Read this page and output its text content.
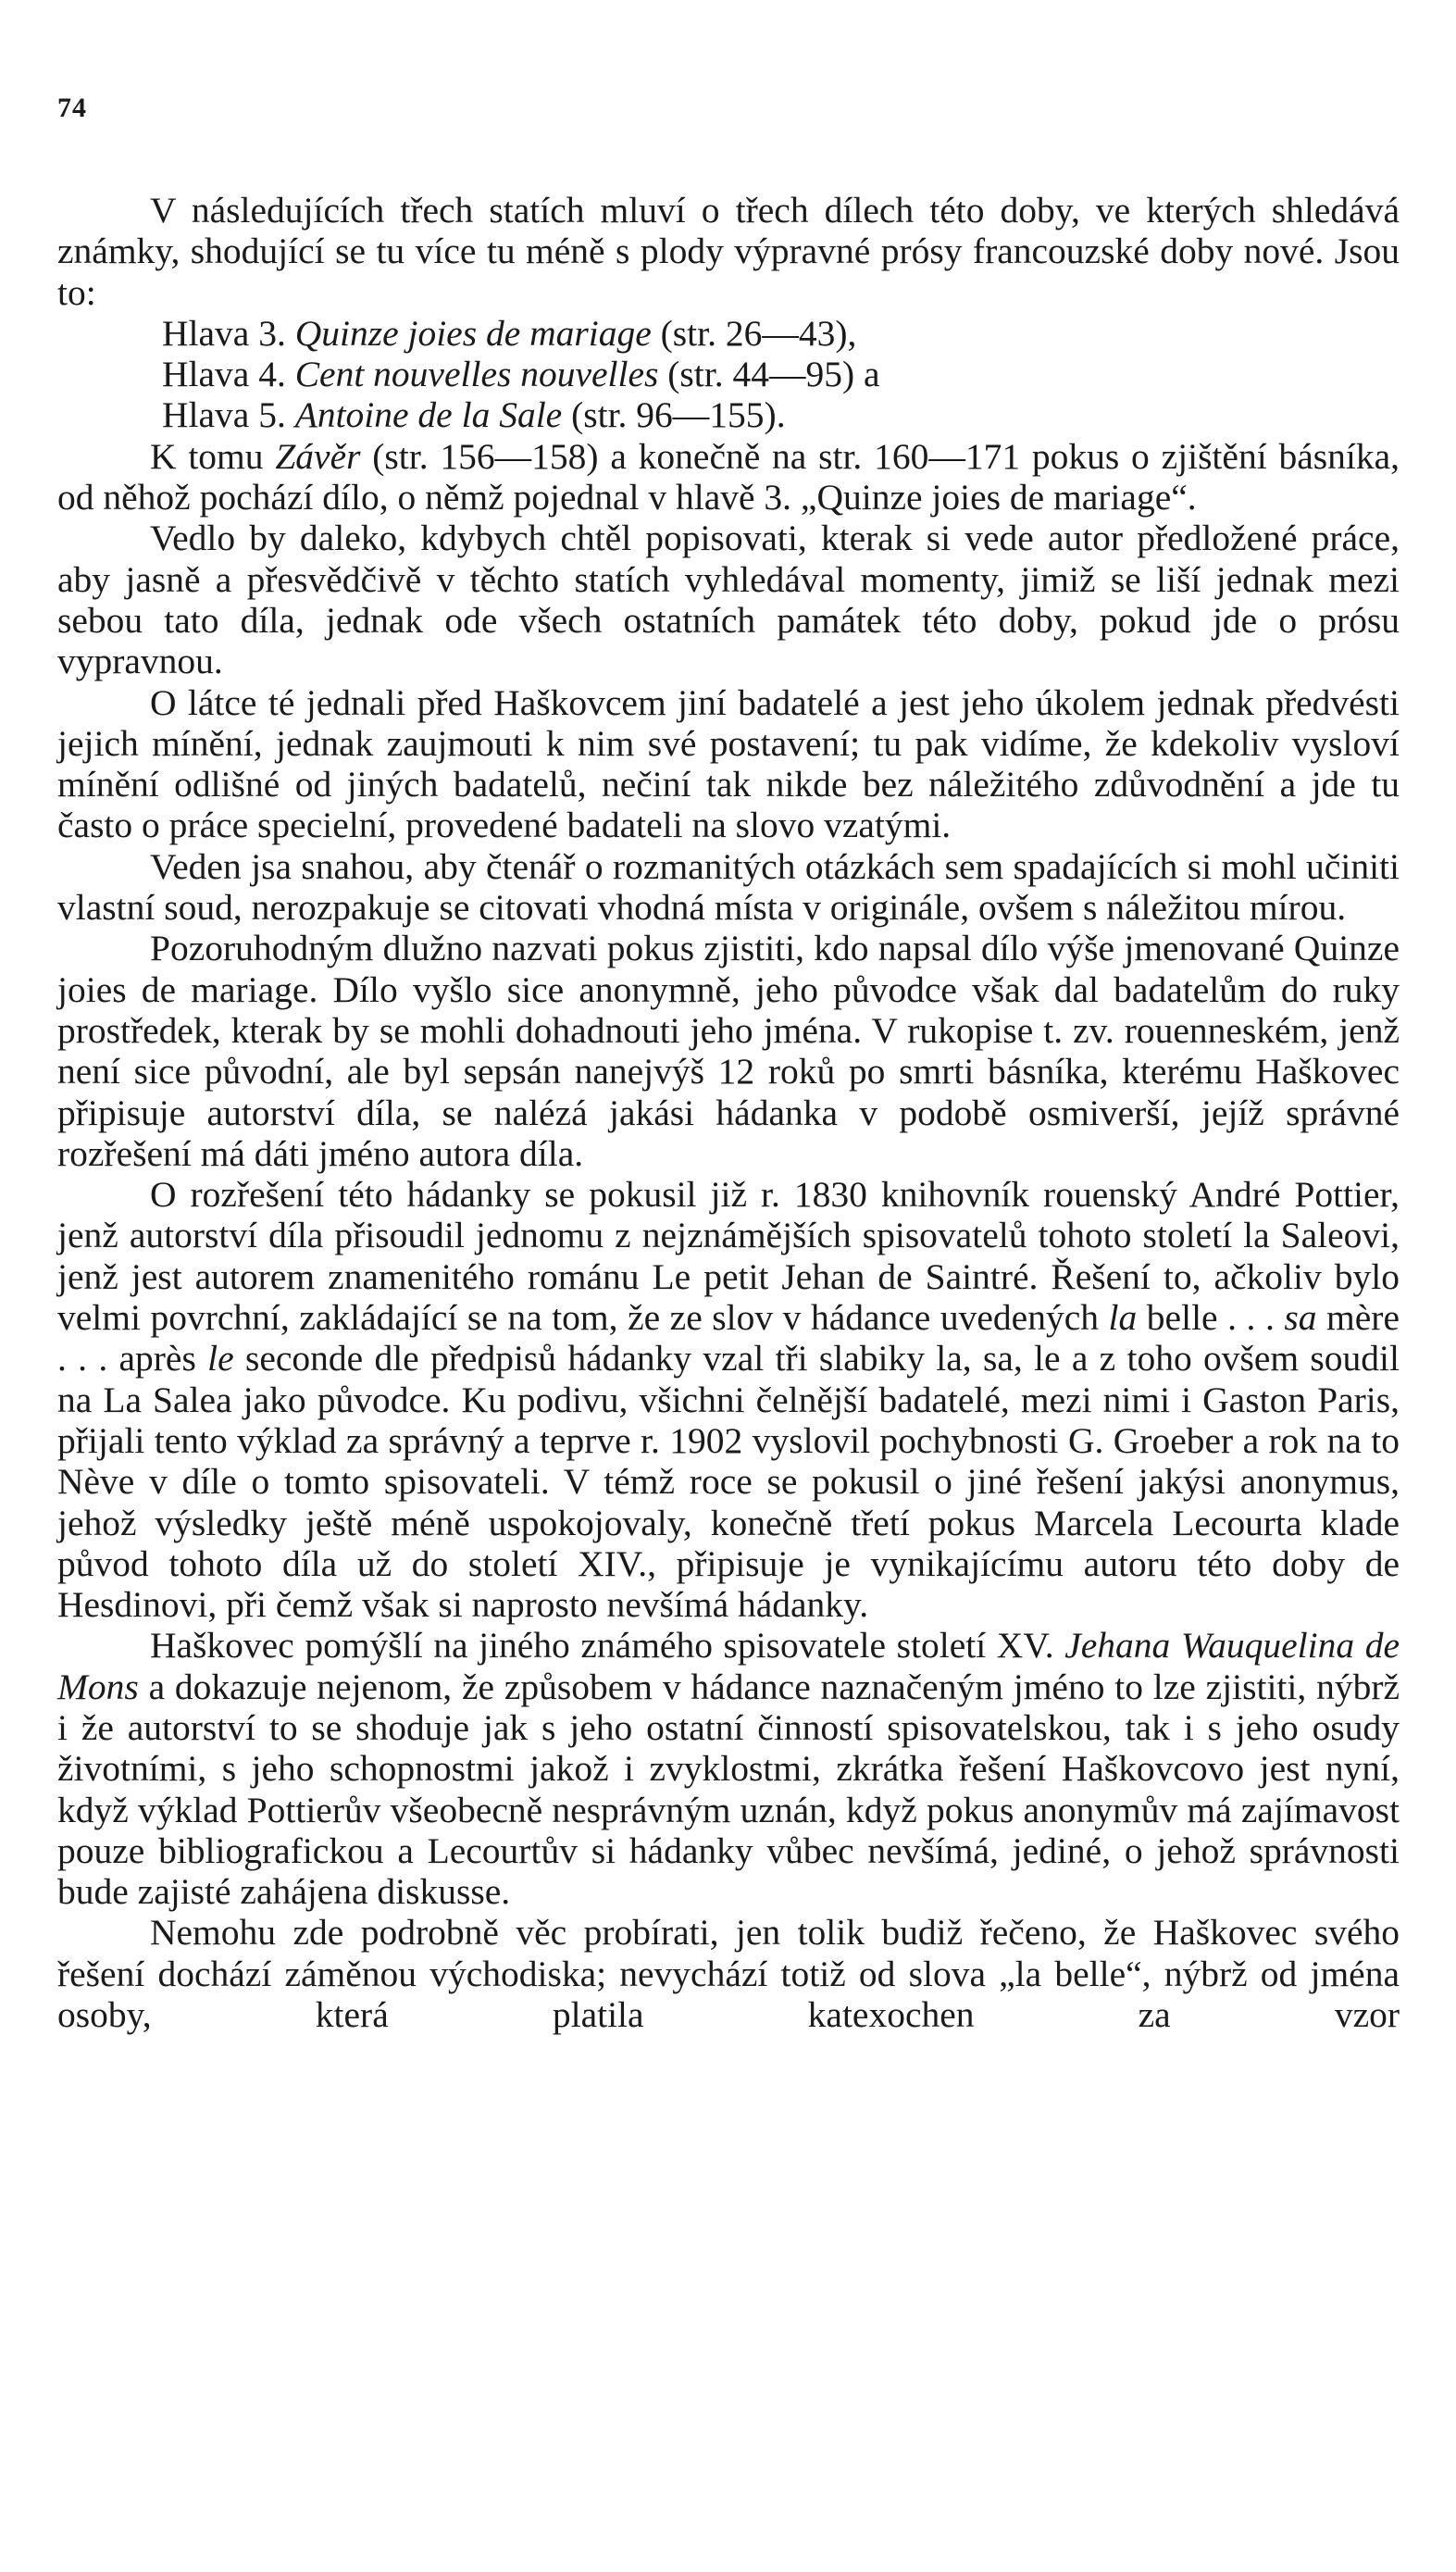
74

V následujících třech statích mluví o třech dílech této doby, ve kterých shledává známky, shodující se tu více tu méně s plody výpravné prósy francouzské doby nové. Jsou to:

Hlava 3. Quinze joies de mariage (str. 26—43),

Hlava 4. Cent nouvelles nouvelles (str. 44—95) a

Hlava 5. Antoine de la Sale (str. 96—155).

K tomu Závěr (str. 156—158) a konečně na str. 160—171 pokus o zjištění básníka, od něhož pochází dílo, o němž pojednal v hlavě 3. „Quinze joies de mariage“.

Vedlo by daleko, kdybych chtěl popisovati, kterak si vede autor předložené práce, aby jasně a přesvědčivě v těchto statích vyhledával momenty, jimiž se liší jednak mezi sebou tato díla, jednak ode všech ostatních památek této doby, pokud jde o prósu vypravnou.

O látce té jednali před Haškovcem jiní badatelé a jest jeho úkolem jednak předvésti jejich mínění, jednak zaujmouti k nim své postavení; tu pak vidíme, že kdekoliv vysloví mínění odlišné od jiných badatelů, nečiní tak nikde bez náležitého zdůvodnění a jde tu často o práce specielní, provedené badateli na slovo vzatými.

Veden jsa snahou, aby čtenář o rozmanitých otázkách sem spadajících si mohl učiniti vlastní soud, nerozpakuje se citovati vhodná místa v originále, ovšem s náležitou mírou.

Pozoruhodným dlužno nazvati pokus zjistiti, kdo napsal dílo výše jmenované Quinze joies de mariage. Dílo vyšlo sice anonymně, jeho původce však dal badatelům do ruky prostředek, kterak by se mohli dohadnouti jeho jména. V rukopise t. zv. rouenneském, jenž není sice původní, ale byl sepsán nanejvýš 12 roků po smrti básníka, kterému Haškovec připisuje autorství díla, se nalézá jakási hádanka v podobě osmiverší, jejíž správné rozřešení má dáti jméno autora díla.

O rozřešení této hádanky se pokusil již r. 1830 knihovník rouenský André Pottier, jenž autorství díla přisoudil jednomu z nejznámějších spisovatelů tohoto století la Saleovi, jenž jest autorem znamenitého románu Le petit Jehan de Saintré. Řešení to, ačkoliv bylo velmi povrchní, zakládající se na tom, že ze slov v hádance uvedených la belle . . . sa mère . . . après le seconde dle předpisů hádanky vzal tři slabiky la, sa, le a z toho ovšem soudil na La Salea jako původce. Ku podivu, všichni čelnější badatelé, mezi nimi i Gaston Paris, přijali tento výklad za správný a teprve r. 1902 vyslovil pochybnosti G. Groeber a rok na to Nève v díle o tomto spisovateli. V témž roce se pokusil o jiné řešení jakýsi anonymus, jehož výsledky ještě méně uspokojovaly, konečně třetí pokus Marcela Lecourta klade původ tohoto díla už do století XIV., připisuje je vynikajícímu autoru této doby de Hesdinovi, při čemž však si naprosto nevšímá hádanky.

Haškovec pomýšlí na jiného známého spisovatele století XV. Jehana Wauquelina de Mons a dokazuje nejenom, že způsobem v hádance naznačeným jméno to lze zjistiti, nýbrž i že autorství to se shoduje jak s jeho ostatní činností spisovatelskou, tak i s jeho osudy životními, s jeho schopnostmi jakož i zvyklostmi, zkrátka řešení Haškovcovo jest nyní, když výklad Pottierův všeobecně nesprávným uznán, když pokus anonymův má zajímavost pouze bibliografickou a Lecourtův si hádanky vůbec nevšímá, jediné, o jehož správnosti bude zajisté zahájena diskusse.

Nemohu zde podrobně věc probírati, jen tolik budiž řečeno, že Haškovec svého řešení dochází záměnou východiska; nevychází totiž od slova „la belle“, nýbrž od jména osoby, která platila katexochen za vzor
